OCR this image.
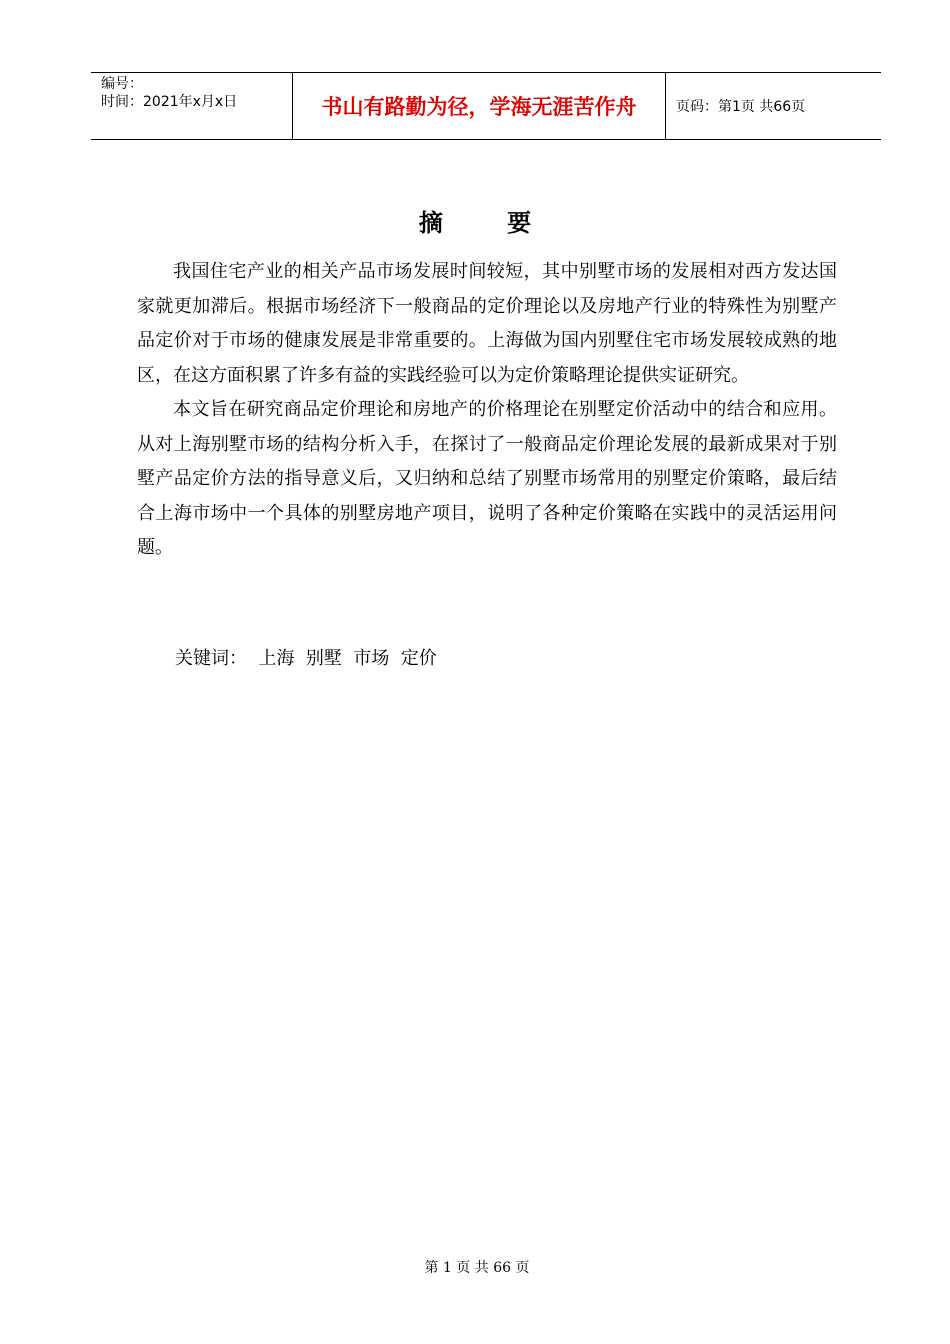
编号：
时间：2021年x月x日	书山有路勤为径，学海无涯苦作舟	页码：第1页 共66页
摘 要

我国住宅产业的相关产品市场发展时间较短，其中别墅市场的发展相对西方发达国家就更加滞后。根据市场经济下一般商品的定价理论以及房地产行业的特殊性为别墅产品定价对于市场的健康发展是非常重要的。上海做为国内别墅住宅市场发展较成熟的地区，在这方面积累了许多有益的实践经验可以为定价策略理论提供实证研究。

本文旨在研究商品定价理论和房地产的价格理论在别墅定价活动中的结合和应用。从对上海别墅市场的结构分析入手，在探讨了一般商品定价理论发展的最新成果对于别墅产品定价方法的指导意义后，又归纳和总结了别墅市场常用的别墅定价策略，最后结合上海市场中一个具体的别墅房地产项目，说明了各种定价策略在实践中的灵活运用问题。

关键词：  上海  别墅  市场  定价
第 1 页 共 66 页
